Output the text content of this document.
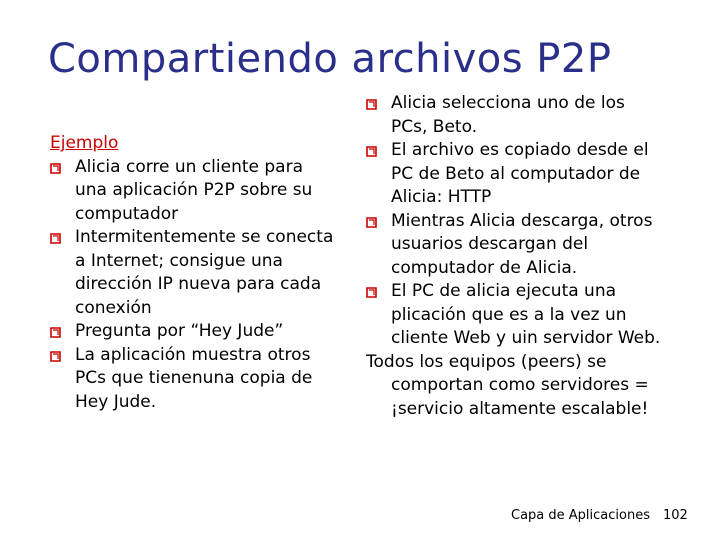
Compartiendo archivos P2P
Ejemplo
Alicia corre un cliente para una aplicación P2P sobre su computador
Intermitentemente se conecta a Internet; consigue una dirección IP nueva para cada conexión
Pregunta por “Hey Jude”
La aplicación muestra otros PCs que tienenuna copia de Hey Jude.
Alicia selecciona uno de los PCs, Beto.
El archivo es copiado desde el PC de Beto al computador de Alicia: HTTP
Mientras Alicia descarga, otros usuarios descargan del computador de Alicia.
El PC de alicia ejecuta una plicación que es a la vez un cliente Web y uin servidor Web.
Todos los equipos (peers) se comportan como servidores = ¡servicio altamente escalable!
Capa de Aplicaciones 102
